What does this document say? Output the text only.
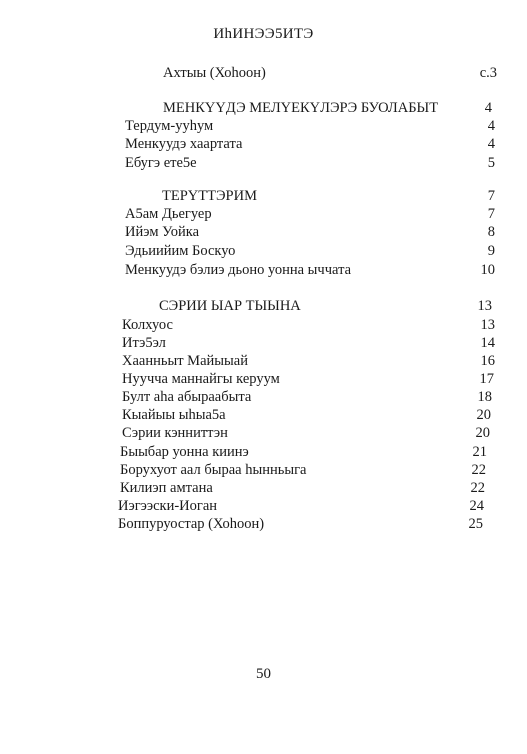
ИһИНЭЭ5ИТЭ
Ахтыы (Хоһоон)	с.3
МЕНКҮҮДЭ МЕЛҮЕКҮЛЭРЭ БУОЛАБЫТ	4
Тердум-ууһум	4
Менкуудэ хаартата	4
Ебугэ ете5е	5
ТЕРҮТТЭРИМ	7
А5ам Дьегуер	7
Ийэм Уойка	8
Эдьиийим Боскуо	9
Менкуудэ бэлиэ дьоно уонна ыччата	10
СЭРИИ ЫАР ТЫЫНА	13
Колхуос	13
Итэ5эл	14
Хаанньыт Майыыай	16
Нуучча маннайгы керуум	17
Булт аһа абыраабыта	18
Кыайыы ыһыа5а	20
Сэрии кэнниттэн	20
Быыбар уонна киинэ	21
Борухуот аал быраа һынньыга	22
Килиэп амтана	22
Иэгээски-Иоган	24
Боппуруостар (Хоһоон)	25
50
